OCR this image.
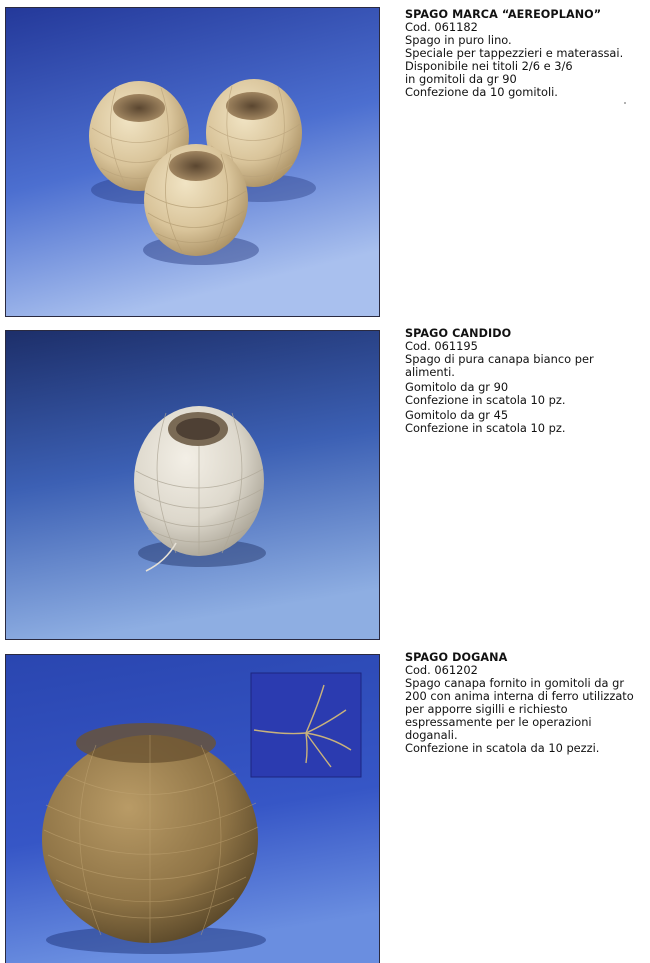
SPAGO MARCA “AEREOPLANO”

Cod. 061182

Spago in puro lino.

Speciale per tappezzieri e materassai.

Disponibile nei titoli 2/6 e 3/6

in gomitoli da gr 90

Confezione da 10 gomitoli.

SPAGO CANDIDO

Cod. 061195

Spago di pura canapa bianco per alimenti.

Gomitolo da gr 90

Confezione in scatola 10 pz.

Gomitolo da gr 45

Confezione in scatola 10 pz.

SPAGO DOGANA

Cod. 061202

Spago canapa fornito in gomitoli da gr 200 con anima interna di ferro utilizzato per apporre sigilli e richiesto espressamente per le operazioni doganali.

Confezione in scatola da 10 pezzi.
